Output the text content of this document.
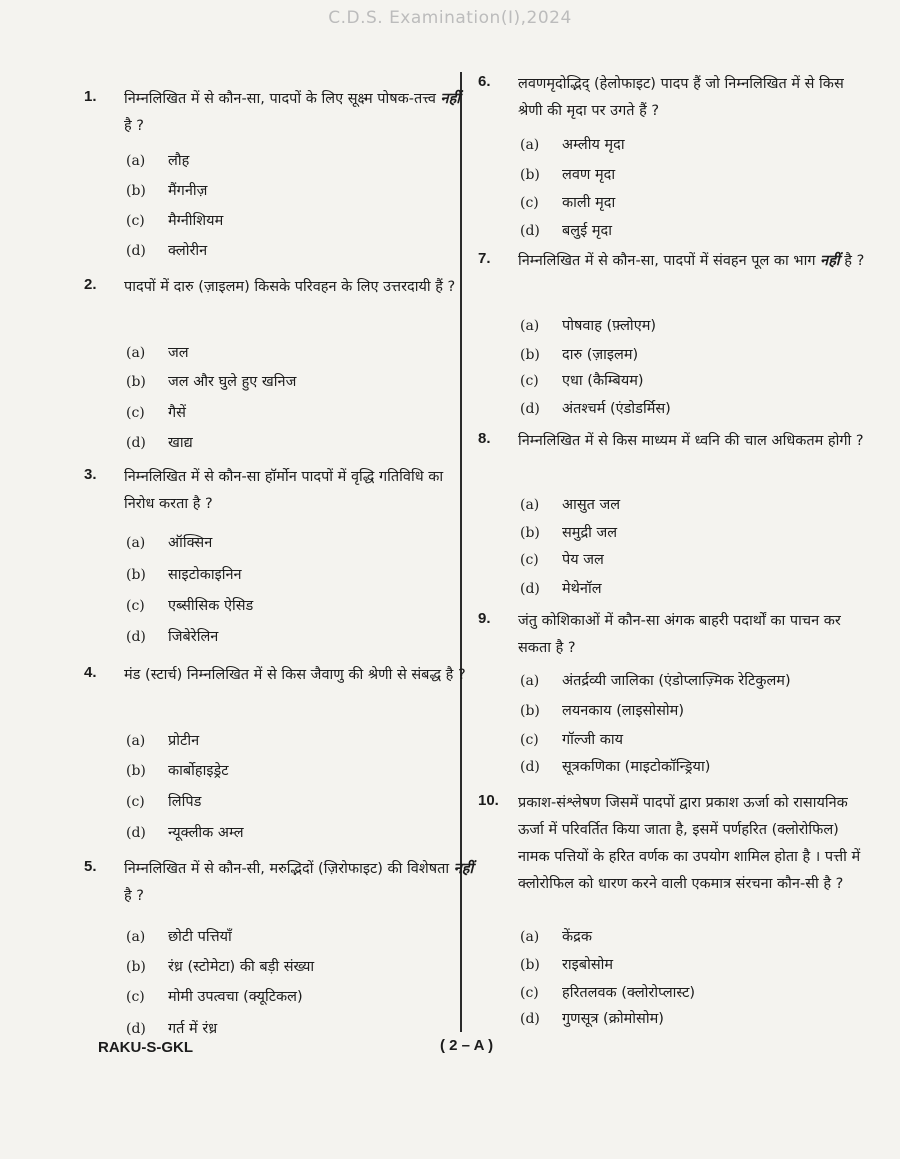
C.D.S. Examination(I),2024
1. निम्नलिखित में से कौन-सा, पादपों के लिए सूक्ष्म पोषक-तत्त्व नहीं है ?
(a) लौह
(b) मैंगनीज़
(c) मैग्नीशियम
(d) क्लोरीन
2. पादपों में दारु (ज़ाइलम) किसके परिवहन के लिए उत्तरदायी हैं ?
(a) जल
(b) जल और घुले हुए खनिज
(c) गैसें
(d) खाद्य
3. निम्नलिखित में से कौन-सा हॉर्मोन पादपों में वृद्धि गतिविधि का निरोध करता है ?
(a) ऑक्सिन
(b) साइटोकाइनिन
(c) एब्सीसिक ऐसिड
(d) जिबेरेलिन
4. मंड (स्टार्च) निम्नलिखित में से किस जैवाणु की श्रेणी से संबद्ध है ?
(a) प्रोटीन
(b) कार्बोहाइड्रेट
(c) लिपिड
(d) न्यूक्लीक अम्ल
5. निम्नलिखित में से कौन-सी, मरुद्भिदों (ज़िरोफाइट) की विशेषता नहीं है ?
(a) छोटी पत्तियाँ
(b) रंध्र (स्टोमेटा) की बड़ी संख्या
(c) मोमी उपत्वचा (क्यूटिकल)
(d) गर्त में रंध्र
6. लवणमृदोद्भिद् (हेलोफाइट) पादप हैं जो निम्नलिखित में से किस श्रेणी की मृदा पर उगते हैं ?
(a) अम्लीय मृदा
(b) लवण मृदा
(c) काली मृदा
(d) बलुई मृदा
7. निम्नलिखित में से कौन-सा, पादपों में संवहन पूल का भाग नहीं है ?
(a) पोषवाह (फ़्लोएम)
(b) दारु (ज़ाइलम)
(c) एधा (कैम्बियम)
(d) अंतश्चर्म (एंडोडर्मिस)
8. निम्नलिखित में से किस माध्यम में ध्वनि की चाल अधिकतम होगी ?
(a) आसुत जल
(b) समुद्री जल
(c) पेय जल
(d) मेथेनॉल
9. जंतु कोशिकाओं में कौन-सा अंगक बाहरी पदार्थों का पाचन कर सकता है ?
(a) अंतर्द्रव्यी जालिका (एंडोप्लाज़्मिक रेटिकुलम)
(b) लयनकाय (लाइसोसोम)
(c) गॉल्जी काय
(d) सूत्रकणिका (माइटोकॉन्ड्रिया)
10. प्रकाश-संश्लेषण जिसमें पादपों द्वारा प्रकाश ऊर्जा को रासायनिक ऊर्जा में परिवर्तित किया जाता है, इसमें पर्णहरित (क्लोरोफिल) नामक पत्तियों के हरित वर्णक का उपयोग शामिल होता है । पत्ती में क्लोरोफिल को धारण करने वाली एकमात्र संरचना कौन-सी है ?
(a) केंद्रक
(b) राइबोसोम
(c) हरितलवक (क्लोरोप्लास्ट)
(d) गुणसूत्र (क्रोमोसोम)
RAKU-S-GKL	( 2 – A )
